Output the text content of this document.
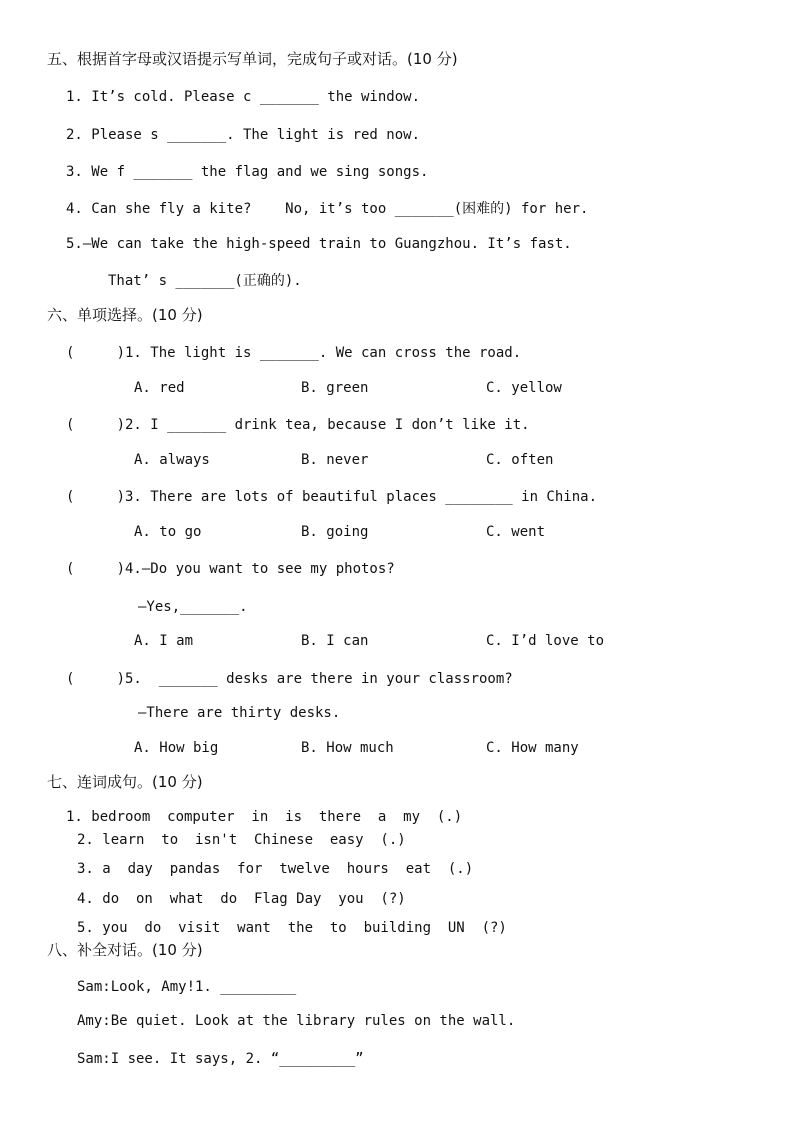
五、根据首字母或汉语提示写单词，完成句子或对话。(10 分)
1. It’s cold. Please c _______ the window.
2. Please s _______. The light is red now.
3. We f _______ the flag and we sing songs.
4. Can she fly a kite?    No, it’s too _______(困难的) for her.
5.—We can take the high-speed train to Guangzhou. It’s fast.
That’ s _______(正确的).
六、单项选择。(10 分)
(     )1. The light is _______. We can cross the road.
A. red	B. green	C. yellow
(     )2. I _______ drink tea, because I don’t like it.
A. always	B. never	C. often
(     )3. There are lots of beautiful places ________ in China.
A. to go	B. going	C. went
(     )4.—Do you want to see my photos?
—Yes,_______.
A. I am	B. I can	C. I’d love to
(     )5.  _______ desks are there in your classroom?
—There are thirty desks.
A. How big	B. How much	C. How many
七、连词成句。(10 分)
1. bedroom  computer  in  is  there  a  my  (.)
2. learn  to  isn't  Chinese  easy  (.)
3. a  day  pandas  for  twelve  hours  eat  (.)
4. do  on  what  do  Flag Day  you  (?)
5. you  do  visit  want  the  to  building  UN  (?)
八、补全对话。(10 分)
Sam:Look, Amy!1. _________
Amy:Be quiet. Look at the library rules on the wall.
Sam:I see. It says, 2. “_________”
